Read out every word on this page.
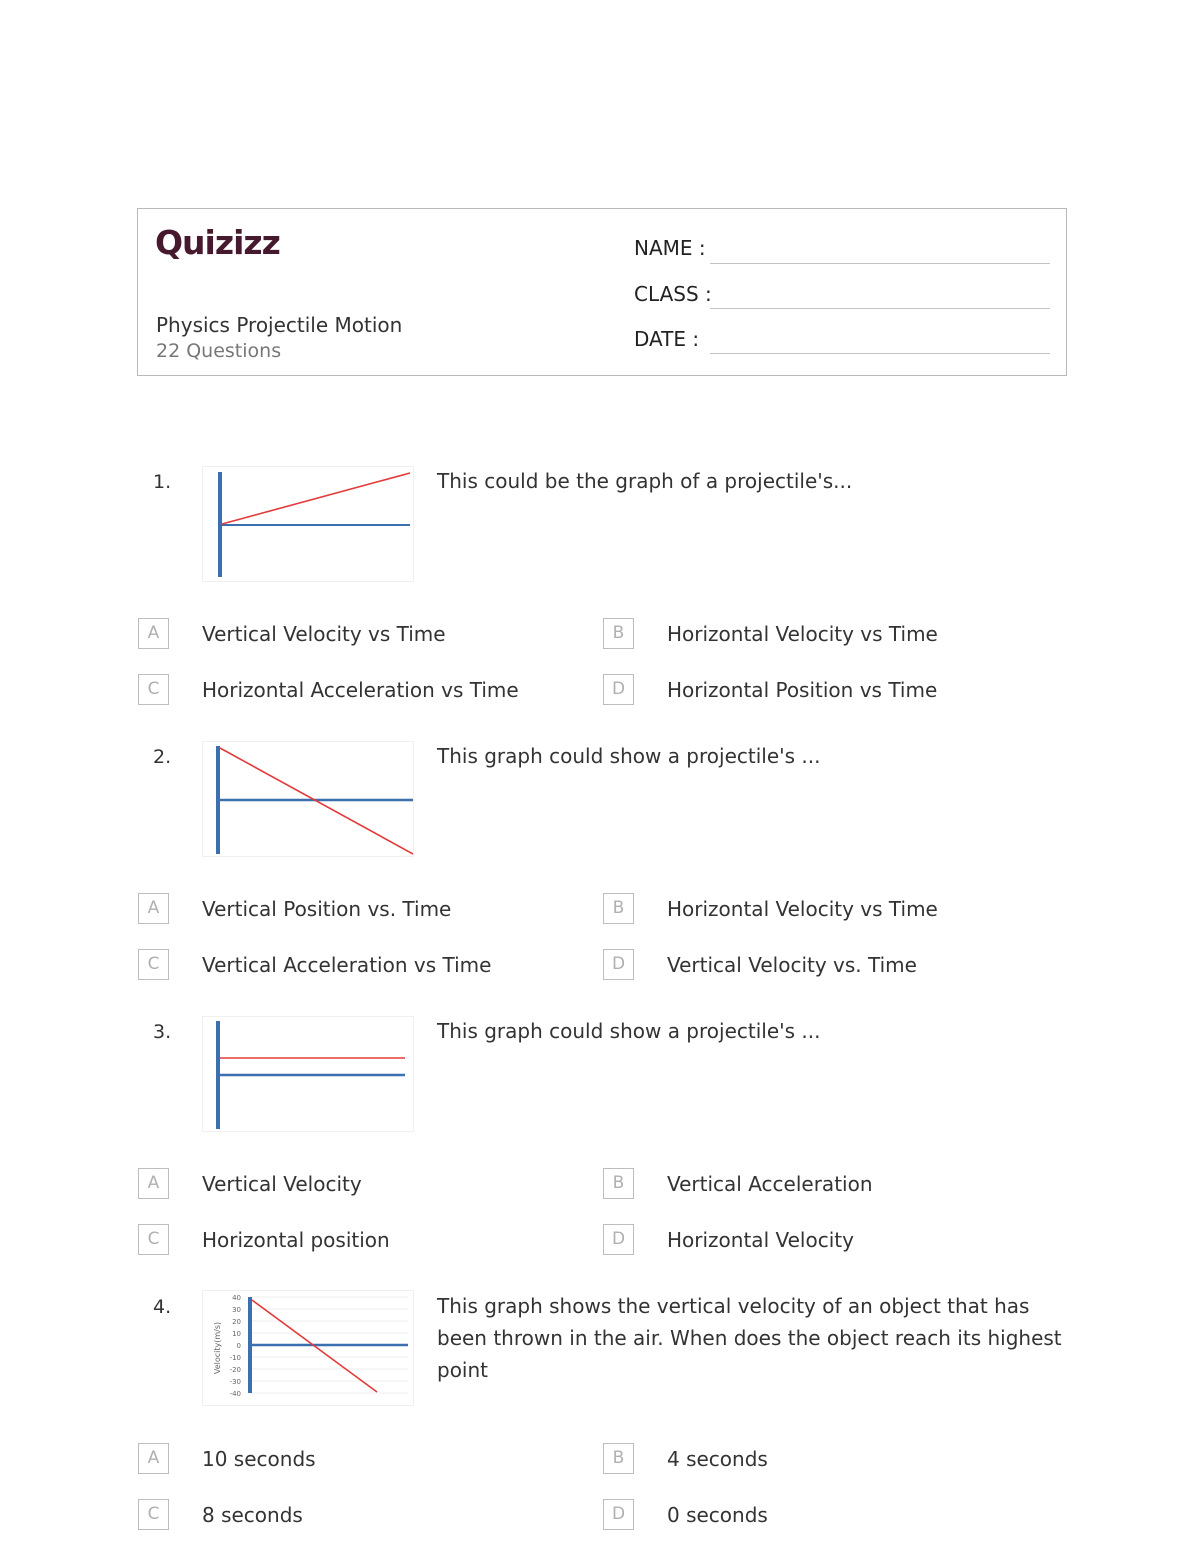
Quizizz
Physics Projectile Motion
22 Questions
NAME :
CLASS :
DATE :
1.	This could be the graph of a projectile's...
A	Vertical Velocity vs Time	B	Horizontal Velocity vs Time
C	Horizontal Acceleration vs Time	D	Horizontal Position vs Time
2.	This graph could show a projectile's ...
A	Vertical Position vs. Time	B	Horizontal Velocity vs Time
C	Vertical Acceleration vs Time	D	Vertical Velocity vs. Time
3.	This graph could show a projectile's ...
A	Vertical Velocity	B	Vertical Acceleration
C	Horizontal position	D	Horizontal Velocity
4.
Velocity(m/s)
40
30
20
10
0
-10
-20
-30
-40
This graph shows the vertical velocity of an object that has been thrown in the air. When does the object reach its highest point
A	10 seconds	B	4 seconds
C	8 seconds	D	0 seconds
